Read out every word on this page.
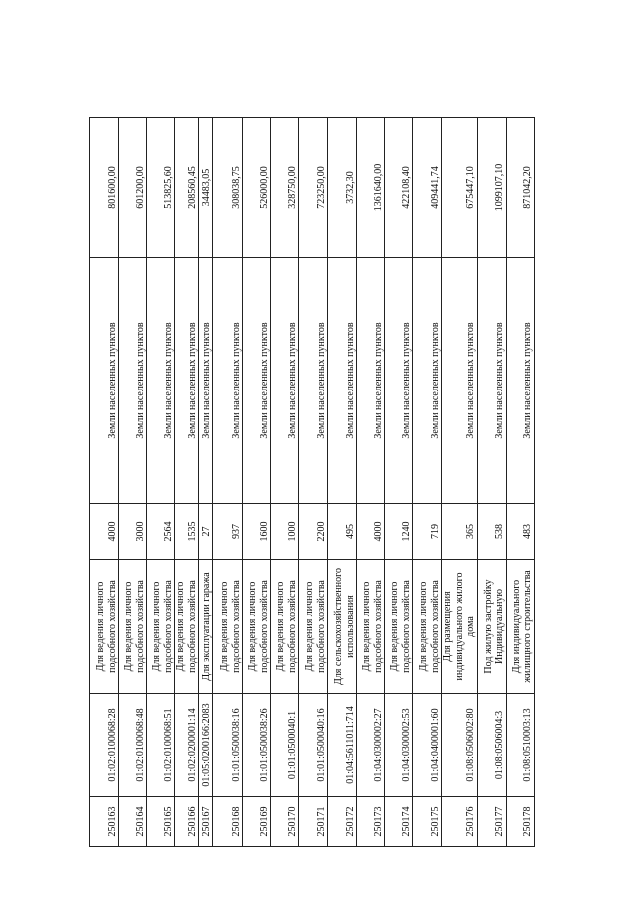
250163	01:02:0100068:28	Для ведения личного подсобного хозяйства	4000	Земли населенных пунктов	801600,00
250164	01:02:0100068:48	Для ведения личного подсобного хозяйства	3000	Земли населенных пунктов	601200,00
250165	01:02:0100068:51	Для ведения личного подсобного хозяйства	2564	Земли населенных пунктов	513825,60
250166	01:02:0200001:14	Для ведения личного подсобного хозяйства	1535	Земли населенных пунктов	208560,45
250167	01:05:0200166:2083	Для эксплуатации гаража	27	Земли населенных пунктов	34483,05
250168	01:01:0500038:16	Для ведения личного подсобного хозяйства	937	Земли населенных пунктов	308038,75
250169	01:01:0500038:26	Для ведения личного подсобного хозяйства	1600	Земли населенных пунктов	526000,00
250170	01:01:0500040:1	Для ведения личного подсобного хозяйства	1000	Земли населенных пунктов	328750,00
250171	01:01:0500040:16	Для ведения личного подсобного хозяйства	2200	Земли населенных пунктов	723250,00
250172	01:04:5611011:714	Для сельскохозяйственного использования	495	Земли населенных пунктов	3732,30
250173	01:04:0300002:27	Для ведения личного подсобного хозяйства	4000	Земли населенных пунктов	1361640,00
250174	01:04:0300002:53	Для ведения личного подсобного хозяйства	1240	Земли населенных пунктов	422108,40
250175	01:04:0400001:60	Для ведения личного подсобного хозяйства	719	Земли населенных пунктов	409441,74
250176	01:08:0506002:80	Для размещения индивидуального жилого дома	365	Земли населенных пунктов	675447,10
250177	01:08:0506004:3	Под жилую застройку Индивидуальную	538	Земли населенных пунктов	1099107,10
250178	01:08:0510003:13	Для индивидуального жилищного строительства	483	Земли населенных пунктов	871042,20
